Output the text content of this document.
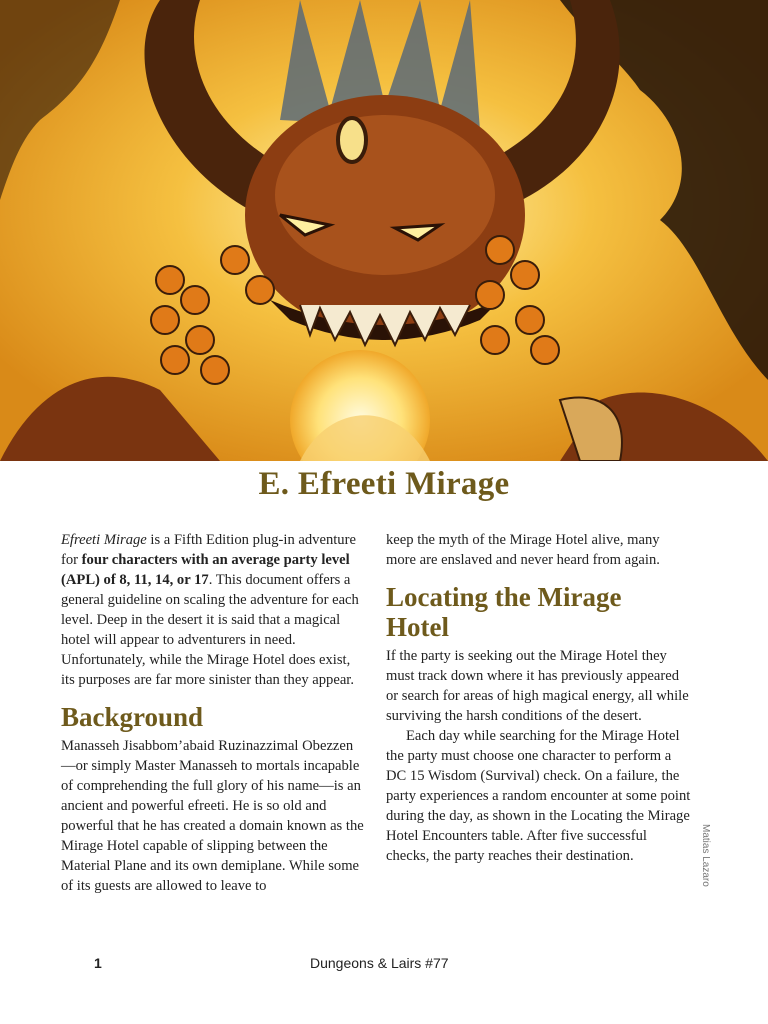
E. Efreeti Mirage

Efreeti Mirage is a Fifth Edition plug-in adventure for four characters with an average party level (APL) of 8, 11, 14, or 17. This document offers a general guideline on scaling the adventure for each level. Deep in the desert it is said that a magical hotel will appear to adventurers in need. Unfortunately, while the Mirage Hotel does exist, its purposes are far more sinister than they appear.

Background

Manasseh Jisabbom’abaid Ruzinazzimal Obezzen—or simply Master Manasseh to mortals incapable of comprehending the full glory of his name—is an ancient and powerful efreeti. He is so old and powerful that he has created a domain known as the Mirage Hotel capable of slipping between the Material Plane and its own demiplane. While some of its guests are allowed to leave to

keep the myth of the Mirage Hotel alive, many more are enslaved and never heard from again.

Locating the Mirage Hotel

If the party is seeking out the Mirage Hotel they must track down where it has previously appeared or search for areas of high magical energy, all while surviving the harsh conditions of the desert.

Each day while searching for the Mirage Hotel the party must choose one character to perform a DC 15 Wisdom (Survival) check. On a failure, the party experiences a random encounter at some point during the day, as shown in the Locating the Mirage Hotel Encounters table. After five successful checks, the party reaches their destination.	Matias Lazaro
1	Dungeons & Lairs #77
